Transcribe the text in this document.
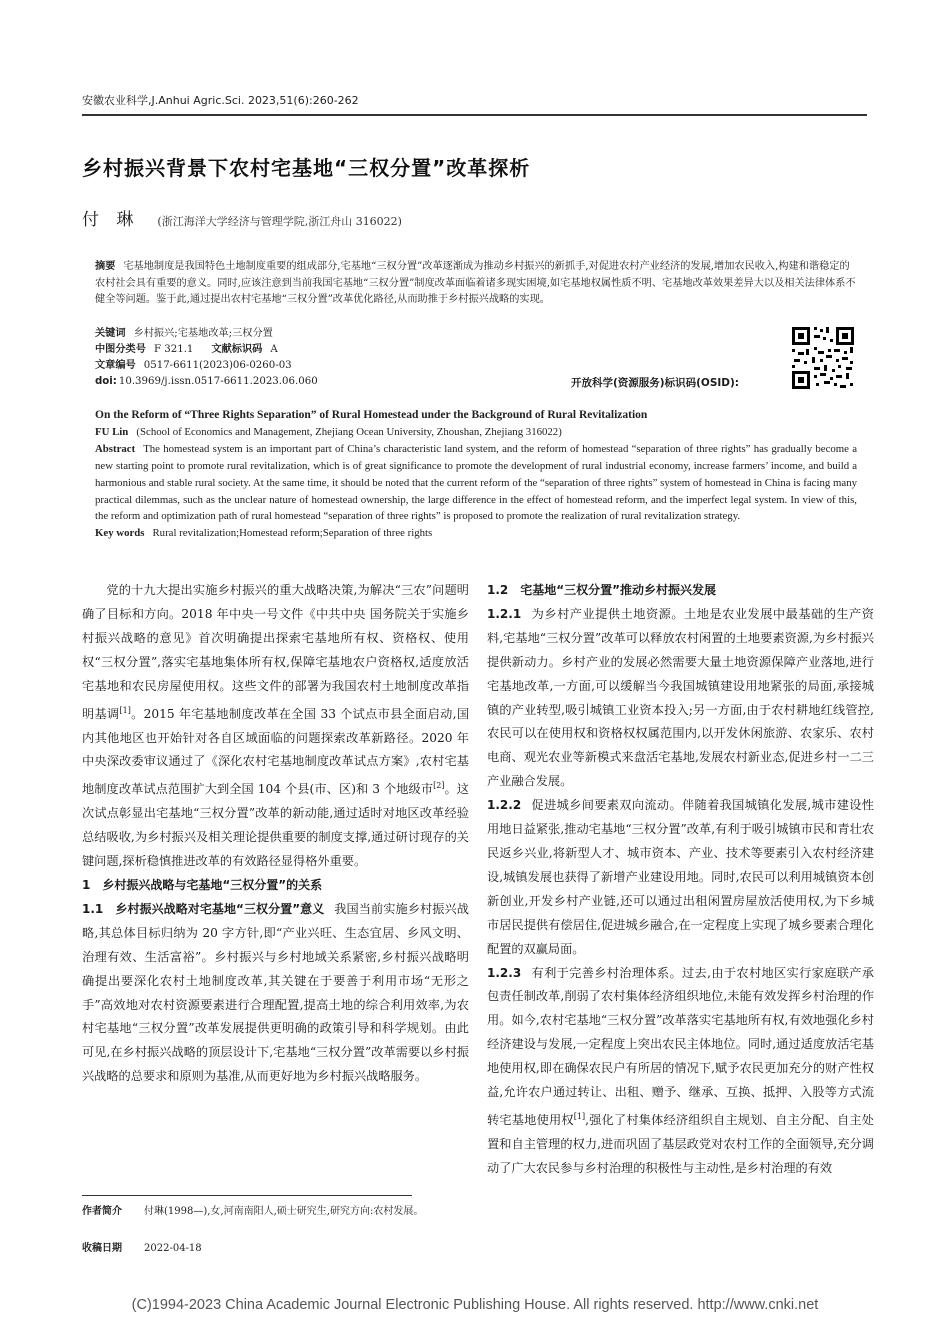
安徽农业科学,J.Anhui Agric.Sci. 2023,51(6):260-262
乡村振兴背景下农村宅基地“三权分置”改革探析
付 琳 (浙江海洋大学经济与管理学院,浙江舟山 316022)

摘要 宅基地制度是我国特色土地制度重要的组成部分,宅基地“三权分置”改革逐渐成为推动乡村振兴的新抓手,对促进农村产业经济的发展,增加农民收入,构建和谐稳定的农村社会具有重要的意义。同时,应该注意到当前我国宅基地“三权分置”制度改革面临着诸多现实困境,如宅基地权属性质不明、宅基地改革效果差异大以及相关法律体系不健全等问题。鉴于此,通过提出农村宅基地“三权分置”改革优化路径,从而助推于乡村振兴战略的实现。

关键词 乡村振兴;宅基地改革;三权分置
中图分类号 F 321.1 文献标识码 A
文章编号 0517-6611(2023)06-0260-03
doi: 10.3969/j.issn.0517-6611.2023.06.060	开放科学(资源服务)标识码(OSID):
On the Reform of “Three Rights Separation” of Rural Homestead under the Background of Rural Revitalization
FU Lin (School of Economics and Management, Zhejiang Ocean University, Zhoushan, Zhejiang 316022)
Abstract The homestead system is an important part of China’s characteristic land system, and the reform of homestead “separation of three rights” has gradually become a new starting point to promote rural revitalization, which is of great significance to promote the development of rural industrial economy, increase farmers’ income, and build a harmonious and stable rural society. At the same time, it should be noted that the current reform of the “separation of three rights” system of homestead in China is facing many practical dilemmas, such as the unclear nature of homestead ownership, the large difference in the effect of homestead reform, and the imperfect legal system. In view of this, the reform and optimization path of rural homestead “separation of three rights” is proposed to promote the realization of rural revitalization strategy.
Key words Rural revitalization;Homestead reform;Separation of three rights

党的十九大提出实施乡村振兴的重大战略决策,为解决“三农”问题明确了目标和方向。2018 年中央一号文件《中共中央 国务院关于实施乡村振兴战略的意见》首次明确提出探索宅基地所有权、资格权、使用权“三权分置”,落实宅基地集体所有权,保障宅基地农户资格权,适度放活宅基地和农民房屋使用权。这些文件的部署为我国农村土地制度改革指明基调[1]。2015 年宅基地制度改革在全国 33 个试点市县全面启动,国内其他地区也开始针对各自区域面临的问题探索改革新路径。2020 年中央深改委审议通过了《深化农村宅基地制度改革试点方案》,农村宅基地制度改革试点范围扩大到全国 104 个县(市、区)和 3 个地级市[2]。这次试点彰显出宅基地“三权分置”改革的新动能,通过适时对地区改革经验总结吸收,为乡村振兴及相关理论提供重要的制度支撑,通过研讨现存的关键问题,探析稳慎推进改革的有效路径显得格外重要。

1　乡村振兴战略与宅基地“三权分置”的关系

1.1　乡村振兴战略对宅基地“三权分置”意义 我国当前实施乡村振兴战略,其总体目标归纳为 20 字方针,即“产业兴旺、生态宜居、乡风文明、治理有效、生活富裕”。乡村振兴与乡村地域关系紧密,乡村振兴战略明确提出要深化农村土地制度改革,其关键在于要善于利用市场“无形之手”高效地对农村资源要素进行合理配置,提高土地的综合利用效率,为农村宅基地“三权分置”改革发展提供更明确的政策引导和科学规划。由此可见,在乡村振兴战略的顶层设计下,宅基地“三权分置”改革需要以乡村振兴战略的总要求和原则为基准,从而更好地为乡村振兴战略服务。

1.2　宅基地“三权分置”推动乡村振兴发展

1.2.1 为乡村产业提供土地资源。土地是农业发展中最基础的生产资料,宅基地“三权分置”改革可以释放农村闲置的土地要素资源,为乡村振兴提供新动力。乡村产业的发展必然需要大量土地资源保障产业落地,进行宅基地改革,一方面,可以缓解当今我国城镇建设用地紧张的局面,承接城镇的产业转型,吸引城镇工业资本投入;另一方面,由于农村耕地红线管控,农民可以在使用权和资格权权属范围内,以开发休闲旅游、农家乐、农村电商、观光农业等新模式来盘活宅基地,发展农村新业态,促进乡村一二三产业融合发展。

1.2.2 促进城乡间要素双向流动。伴随着我国城镇化发展,城市建设性用地日益紧张,推动宅基地“三权分置”改革,有利于吸引城镇市民和青壮农民返乡兴业,将新型人才、城市资本、产业、技术等要素引入农村经济建设,城镇发展也获得了新增产业建设用地。同时,农民可以利用城镇资本创新创业,开发乡村产业链,还可以通过出租闲置房屋放活使用权,为下乡城市居民提供有偿居住,促进城乡融合,在一定程度上实现了城乡要素合理化配置的双赢局面。

1.2.3 有利于完善乡村治理体系。过去,由于农村地区实行家庭联产承包责任制改革,削弱了农村集体经济组织地位,未能有效发挥乡村治理的作用。如今,农村宅基地“三权分置”改革落实宅基地所有权,有效地强化乡村经济建设与发展,一定程度上突出农民主体地位。同时,通过适度放活宅基地使用权,即在确保农民户有所居的情况下,赋予农民更加充分的财产性权益,允许农户通过转让、出租、赠予、继承、互换、抵押、入股等方式流转宅基地使用权[1],强化了村集体经济组织自主规划、自主分配、自主处置和自主管理的权力,进而巩固了基层政党对农村工作的全面领导,充分调动了广大农民参与乡村治理的积极性与主动性,是乡村治理的有效

作者简介 付琳(1998—),女,河南南阳人,硕士研究生,研究方向:农村发展。
收稿日期 2022-04-18
(C)1994-2023 China Academic Journal Electronic Publishing House. All rights reserved. http://www.cnki.net
